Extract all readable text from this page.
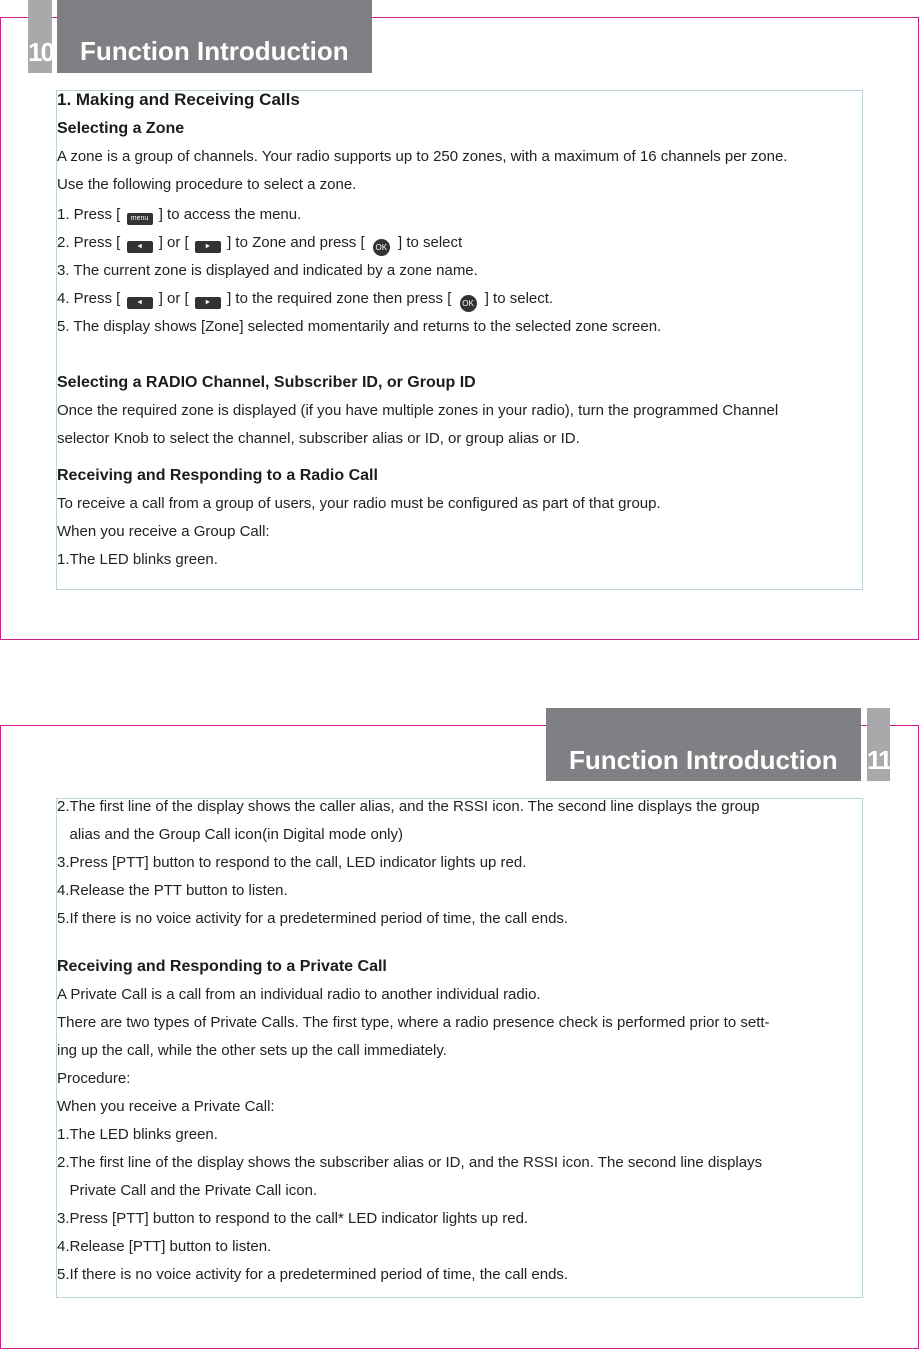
10	Function Introduction
1. Making and Receiving Calls
Selecting a Zone
A zone is a group of channels. Your radio supports up to 250 zones, with a maximum of 16 channels per zone.
Use the following procedure to select a zone.
1. Press [ menu ] to access the menu.
2. Press [ ◄ ] or [ ► ] to Zone and press [ OK ] to select
3. The current zone is displayed and indicated by a zone name.
4. Press [ ◄ ] or [ ► ] to the required zone then press [ OK ] to select.
5. The display shows [Zone] selected momentarily and returns to the selected zone screen.
Selecting a RADIO Channel, Subscriber ID, or Group ID
Once the required zone is displayed (if you have multiple zones in your radio), turn the programmed Channel
selector Knob to select the channel, subscriber alias or ID, or group alias or ID.
Receiving and Responding to a Radio Call
To receive a call from a group of users, your radio must be configured as part of that group.
When you receive a Group Call:
1.The LED blinks green.
Function Introduction	11
2.The first line of the display shows the caller alias, and the RSSI icon. The second line displays the group
alias and the Group Call icon(in Digital mode only)
3.Press [PTT] button to respond to the call, LED indicator lights up red.
4.Release the PTT button to listen.
5.If there is no voice activity for a predetermined period of time, the call ends.
Receiving and Responding to a Private Call
A Private Call is a call from an individual radio to another individual radio.
There are two types of Private Calls. The first type, where a radio presence check is performed prior to sett-
ing up the call, while the other sets up the call immediately.
Procedure:
When you receive a Private Call:
1.The LED blinks green.
2.The first line of the display shows the subscriber alias or ID, and the RSSI icon. The second line displays
Private Call and the Private Call icon.
3.Press [PTT] button to respond to the call* LED indicator lights up red.
4.Release [PTT] button to listen.
5.If there is no voice activity for a predetermined period of time, the call ends.
